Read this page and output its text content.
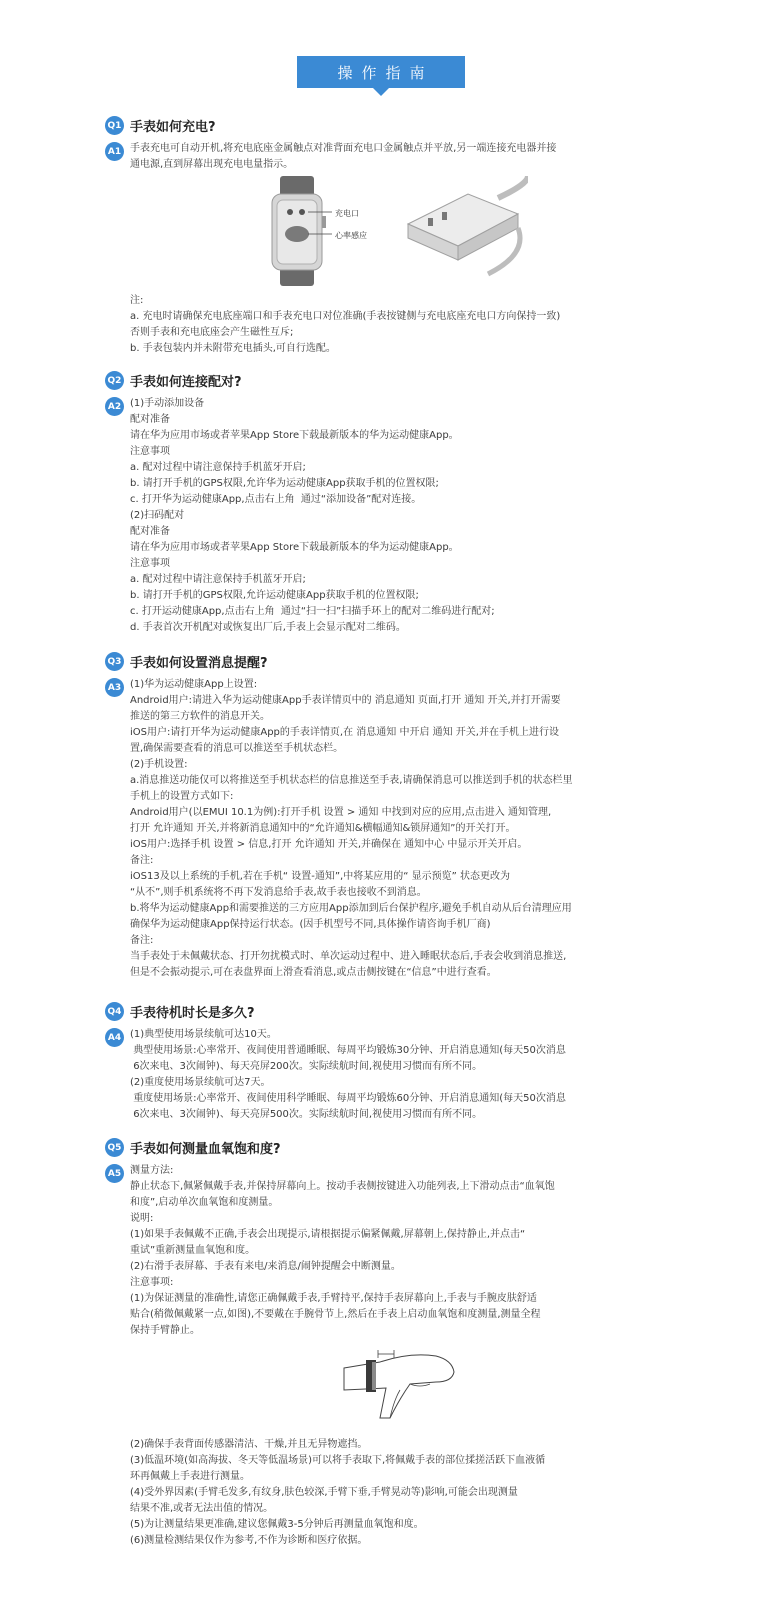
操作指南
Q1 手表如何充电?
A1 手表充电可自动开机,将充电底座金属触点对准背面充电口金属触点并平放,另一端连接充电器并接

通电源,直到屏幕出现充电电量指示。

充电口
心率感应

注:

a. 充电时请确保充电底座端口和手表充电口对位准确(手表按键侧与充电底座充电口方向保持一致)

否则手表和充电底座会产生磁性互斥;

b. 手表包装内并未附带充电插头,可自行选配。

Q2 手表如何连接配对?
A2 (1)手动添加设备

配对准备

请在华为应用市场或者苹果App Store下载最新版本的华为运动健康App。

注意事项

a. 配对过程中请注意保持手机蓝牙开启;

b. 请打开手机的GPS权限,允许华为运动健康App获取手机的位置权限;

c. 打开华为运动健康App,点击右上角  通过“添加设备”配对连接。

(2)扫码配对

配对准备

请在华为应用市场或者苹果App Store下载最新版本的华为运动健康App。

注意事项

a. 配对过程中请注意保持手机蓝牙开启;

b. 请打开手机的GPS权限,允许运动健康App获取手机的位置权限;

c. 打开运动健康App,点击右上角  通过“扫一扫”扫描手环上的配对二维码进行配对;

d. 手表首次开机配对或恢复出厂后,手表上会显示配对二维码。

Q3 手表如何设置消息提醒?
A3 (1)华为运动健康App上设置:

Android用户:请进入华为运动健康App手表详情页中的 消息通知 页面,打开 通知 开关,并打开需要

推送的第三方软件的消息开关。

iOS用户:请打开华为运动健康App的手表详情页,在 消息通知 中开启 通知 开关,并在手机上进行设

置,确保需要查看的消息可以推送至手机状态栏。

(2)手机设置:

a.消息推送功能仅可以将推送至手机状态栏的信息推送至手表,请确保消息可以推送到手机的状态栏里

手机上的设置方式如下:

Android用户(以EMUI 10.1为例):打开手机 设置 > 通知 中找到对应的应用,点击进入 通知管理,

打开 允许通知 开关,并将新消息通知中的“允许通知&横幅通知&锁屏通知”的开关打开。

iOS用户:选择手机 设置 > 信息,打开 允许通知 开关,并确保在 通知中心 中显示开关开启。

备注:

iOS13及以上系统的手机,若在手机“ 设置-通知”,中将某应用的“ 显示预览” 状态更改为

“从不”,则手机系统将不再下发消息给手表,故手表也接收不到消息。

b.将华为运动健康App和需要推送的三方应用App添加到后台保护程序,避免手机自动从后台清理应用

确保华为运动健康App保持运行状态。(因手机型号不同,具体操作请咨询手机厂商)

备注:

当手表处于未佩戴状态、打开勿扰模式时、单次运动过程中、进入睡眠状态后,手表会收到消息推送,

但是不会振动提示,可在表盘界面上滑查看消息,或点击侧按键在“信息”中进行查看。

Q4 手表待机时长是多久?
A4 (1)典型使用场景续航可达10天。

典型使用场景:心率常开、夜间使用普通睡眠、每周平均锻炼30分钟、开启消息通知(每天50次消息

6次来电、3次闹钟)、每天亮屏200次。实际续航时间,视使用习惯而有所不同。

(2)重度使用场景续航可达7天。

重度使用场景:心率常开、夜间使用科学睡眠、每周平均锻炼60分钟、开启消息通知(每天50次消息

6次来电、3次闹钟)、每天亮屏500次。实际续航时间,视使用习惯而有所不同。

Q5 手表如何测量血氧饱和度?
A5 测量方法:

静止状态下,佩紧佩戴手表,并保持屏幕向上。按动手表侧按键进入功能列表,上下滑动点击“血氧饱

和度”,启动单次血氧饱和度测量。

说明:

(1)如果手表佩戴不正确,手表会出现提示,请根据提示偏紧佩戴,屏幕朝上,保持静止,并点击“

重试”重新测量血氧饱和度。

(2)右滑手表屏幕、手表有来电/来消息/闹钟提醒会中断测量。

注意事项:

(1)为保证测量的准确性,请您正确佩戴手表,手臂持平,保持手表屏幕向上,手表与手腕皮肤舒适

贴合(稍微佩戴紧一点,如图),不要戴在手腕骨节上,然后在手表上启动血氧饱和度测量,测量全程

保持手臂静止。

(2)确保手表背面传感器清洁、干燥,并且无异物遮挡。

(3)低温环境(如高海拔、冬天等低温场景)可以将手表取下,将佩戴手表的部位揉搓活跃下血液循

环再佩戴上手表进行测量。

(4)受外界因素(手臂毛发多,有纹身,肤色较深,手臂下垂,手臂晃动等)影响,可能会出现测量

结果不准,或者无法出值的情况。

(5)为让测量结果更准确,建议您佩戴3-5分钟后再测量血氧饱和度。

(6)测量检测结果仅作为参考,不作为诊断和医疗依据。
